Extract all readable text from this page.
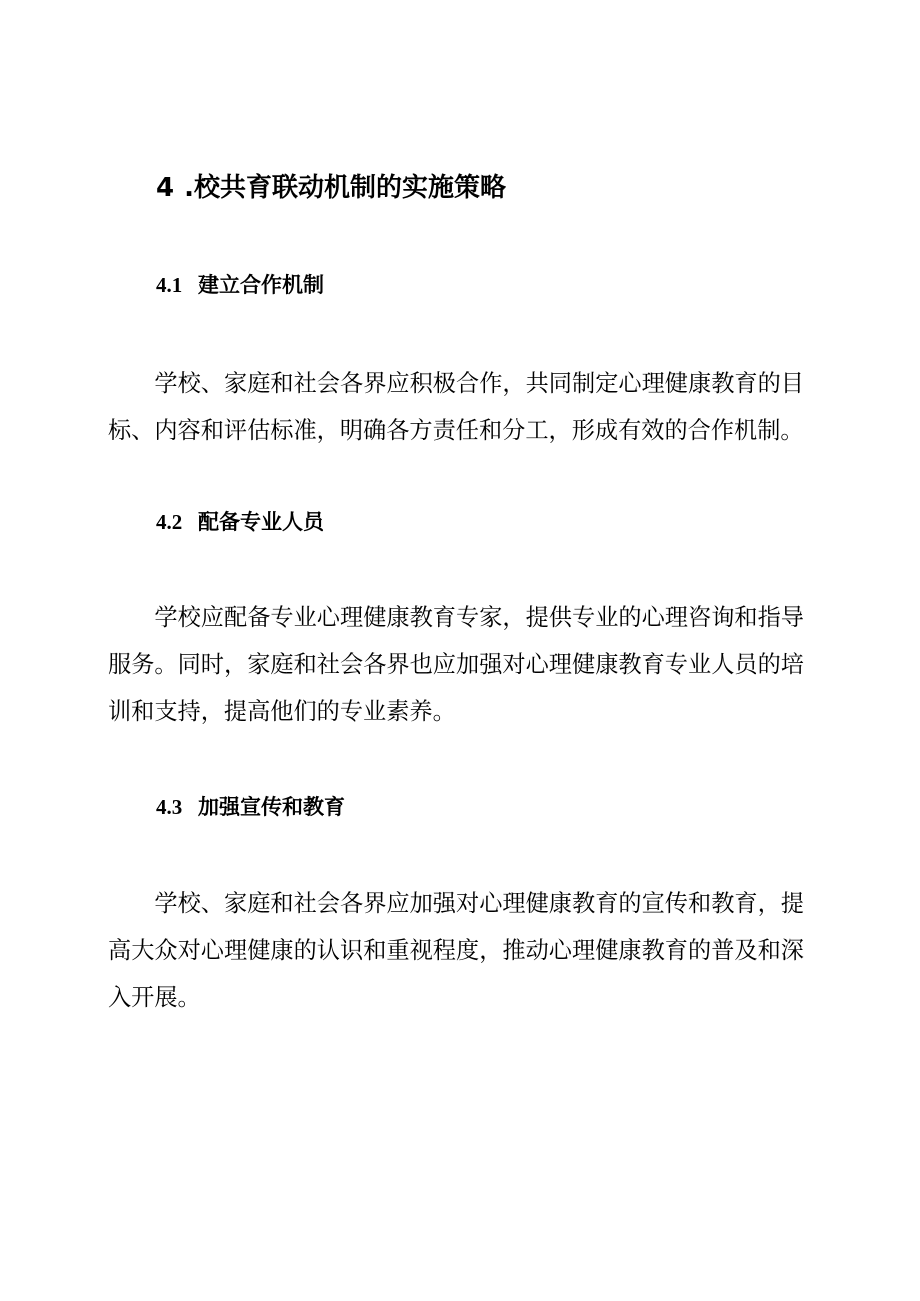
4 .校共育联动机制的实施策略
4.1 建立合作机制

学校、家庭和社会各界应积极合作，共同制定心理健康教育的目标、内容和评估标准，明确各方责任和分工，形成有效的合作机制。

4.2 配备专业人员

学校应配备专业心理健康教育专家，提供专业的心理咨询和指导服务。同时，家庭和社会各界也应加强对心理健康教育专业人员的培训和支持，提高他们的专业素养。

4.3 加强宣传和教育

学校、家庭和社会各界应加强对心理健康教育的宣传和教育，提高大众对心理健康的认识和重视程度，推动心理健康教育的普及和深入开展。
